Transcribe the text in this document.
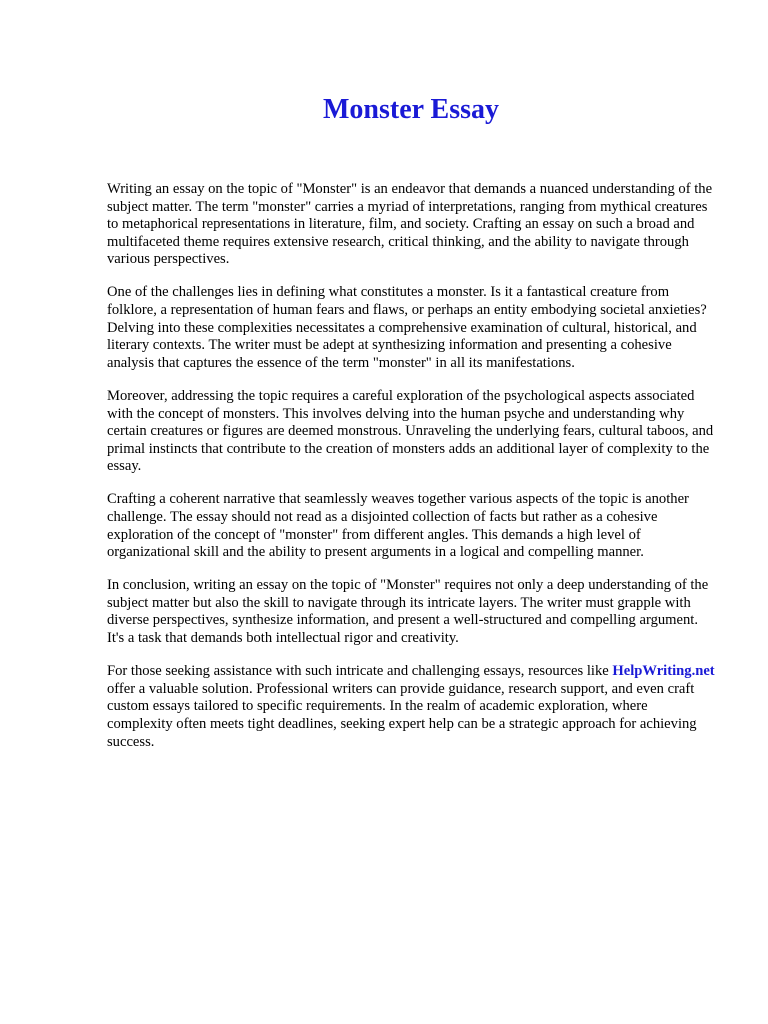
Monster Essay

Writing an essay on the topic of "Monster" is an endeavor that demands a nuanced understanding of the subject matter. The term "monster" carries a myriad of interpretations, ranging from mythical creatures to metaphorical representations in literature, film, and society. Crafting an essay on such a broad and multifaceted theme requires extensive research, critical thinking, and the ability to navigate through various perspectives.

One of the challenges lies in defining what constitutes a monster. Is it a fantastical creature from folklore, a representation of human fears and flaws, or perhaps an entity embodying societal anxieties? Delving into these complexities necessitates a comprehensive examination of cultural, historical, and literary contexts. The writer must be adept at synthesizing information and presenting a cohesive analysis that captures the essence of the term "monster" in all its manifestations.

Moreover, addressing the topic requires a careful exploration of the psychological aspects associated with the concept of monsters. This involves delving into the human psyche and understanding why certain creatures or figures are deemed monstrous. Unraveling the underlying fears, cultural taboos, and primal instincts that contribute to the creation of monsters adds an additional layer of complexity to the essay.

Crafting a coherent narrative that seamlessly weaves together various aspects of the topic is another challenge. The essay should not read as a disjointed collection of facts but rather as a cohesive exploration of the concept of "monster" from different angles. This demands a high level of organizational skill and the ability to present arguments in a logical and compelling manner.

In conclusion, writing an essay on the topic of "Monster" requires not only a deep understanding of the subject matter but also the skill to navigate through its intricate layers. The writer must grapple with diverse perspectives, synthesize information, and present a well-structured and compelling argument. It's a task that demands both intellectual rigor and creativity.

For those seeking assistance with such intricate and challenging essays, resources like HelpWriting.net offer a valuable solution. Professional writers can provide guidance, research support, and even craft custom essays tailored to specific requirements. In the realm of academic exploration, where complexity often meets tight deadlines, seeking expert help can be a strategic approach for achieving success.
